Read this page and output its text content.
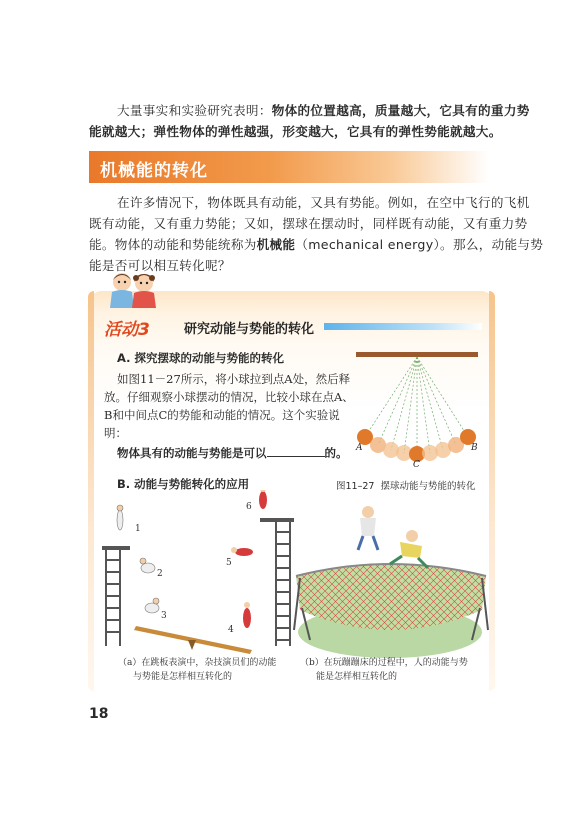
大量事实和实验研究表明：物体的位置越高，质量越大，它具有的重力势
能就越大；弹性物体的弹性越强，形变越大，它具有的弹性势能就越大。
机械能的转化
在许多情况下，物体既具有动能，又具有势能。例如，在空中飞行的飞机
既有动能，又有重力势能；又如，摆球在摆动时，同样既有动能，又有重力势
能。物体的动能和势能统称为机械能（mechanical energy）。那么，动能与势
能是否可以相互转化呢？
活动3	研究动能与势能的转化
A. 探究摆球的动能与势能的转化
如图11－27所示，将小球拉到点A处，然后释
放。仔细观察小球摆动的情况，比较小球在点A、
B和中间点C的势能和动能的情况。这个实验说
明：
物体具有的动能与势能是可以	的。 A	B
C
图11–27 摆球动能与势能的转化
B. 动能与势能转化的应用
1
2
3
4
5
6
（a）在跳板表演中，杂技演员们的动能
与势能是怎样相互转化的
（b）在玩蹦蹦床的过程中，人的动能与势
能是怎样相互转化的
18
